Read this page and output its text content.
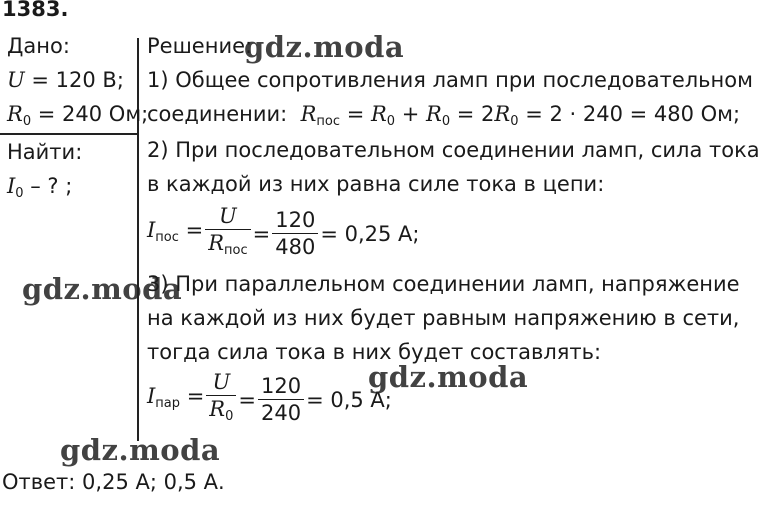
1383.
Дано:
U = 120 В;
$R_0 = 240$ Ом;
Найти:
$I_0$ – ? ;
Решение:
1) Общее сопротивления ламп при последовательном
соединении: $R_{пос} = R_0 + R_0 = 2R_0 = 2 \cdot 240 = 480$ Ом;
2) При последовательном соединении ламп, сила тока
в каждой из них равна силе тока в цепи:
$I_{пос} = \frac{U}{R_{пос}} = \frac{120}{480} = 0,25$ А;
3) При параллельном соединении ламп, напряжение
на каждой из них будет равным напряжению в сети,
тогда сила тока в них будет составлять:
$I_{пар} = \frac{U}{R_0} = \frac{120}{240} = 0,5$ А;
Ответ: 0,25 А; 0,5 А.
gdz.moda
gdz.moda
gdz.moda
gdz.moda
